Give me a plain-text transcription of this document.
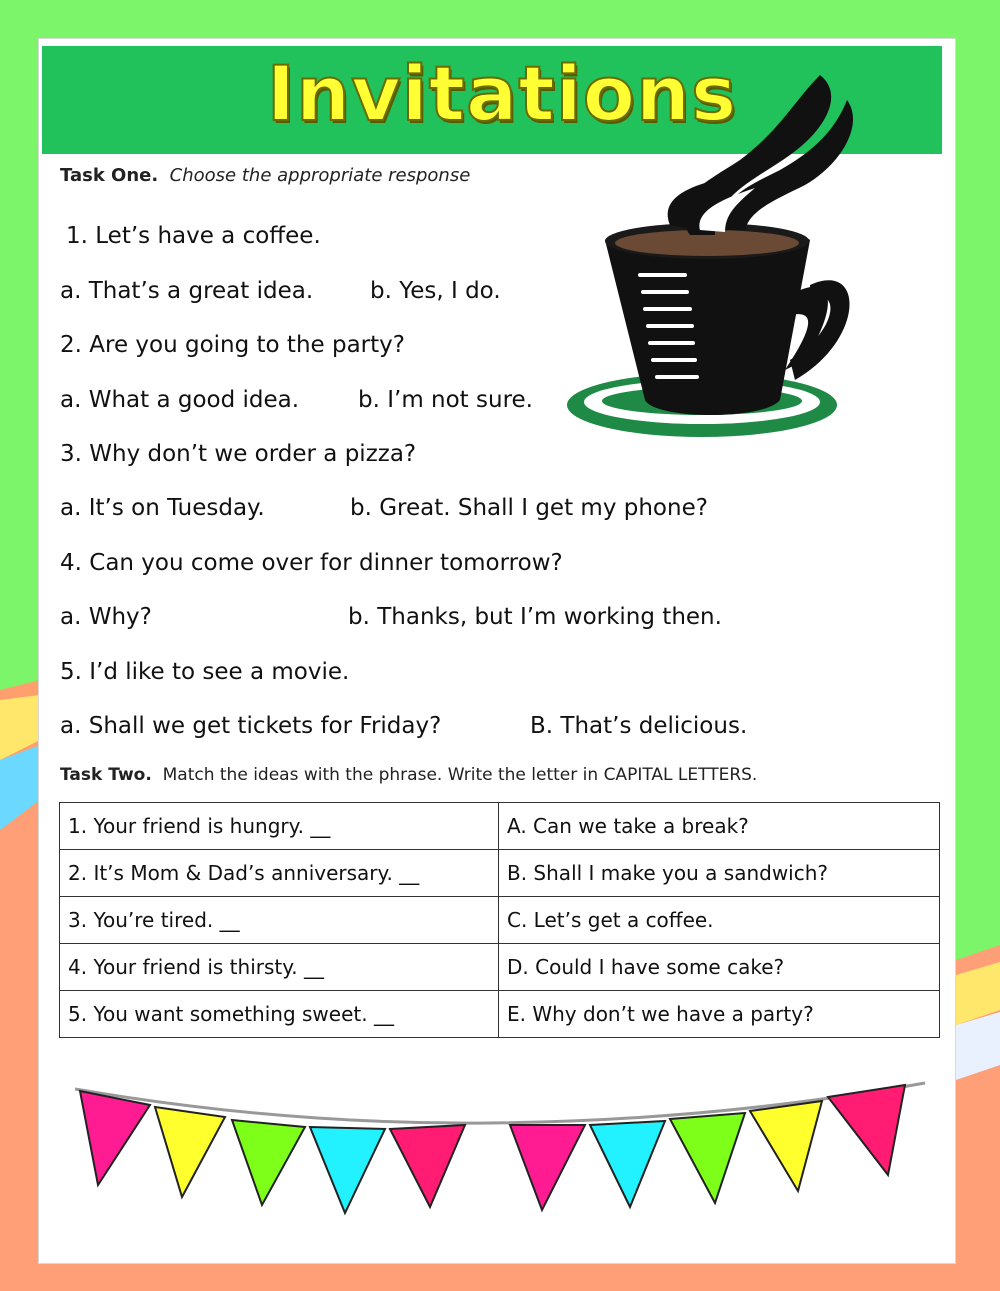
Invitations
Task One. Choose the appropriate response
1. Let’s have a coffee.
a. That’s a great idea. b. Yes, I do.
2. Are you going to the party?
a. What a good idea.	b. I’m not sure.
3. Why don’t we order a pizza?
a. It’s on Tuesday.	b. Great. Shall I get my phone?
4. Can you come over for dinner tomorrow?
a. Why?	b. Thanks, but I’m working then.
5. I’d like to see a movie.
a. Shall we get tickets for Friday?	B. That’s delicious.
Task Two. Match the ideas with the phrase. Write the letter in CAPITAL LETTERS.
1. Your friend is hungry. __	A. Can we take a break?
2. It’s Mom & Dad’s anniversary. __	B. Shall I make you a sandwich?
3. You’re tired. __	C. Let’s get a coffee.
4. Your friend is thirsty. __	D. Could I have some cake?
5. You want something sweet. __	E. Why don’t we have a party?
